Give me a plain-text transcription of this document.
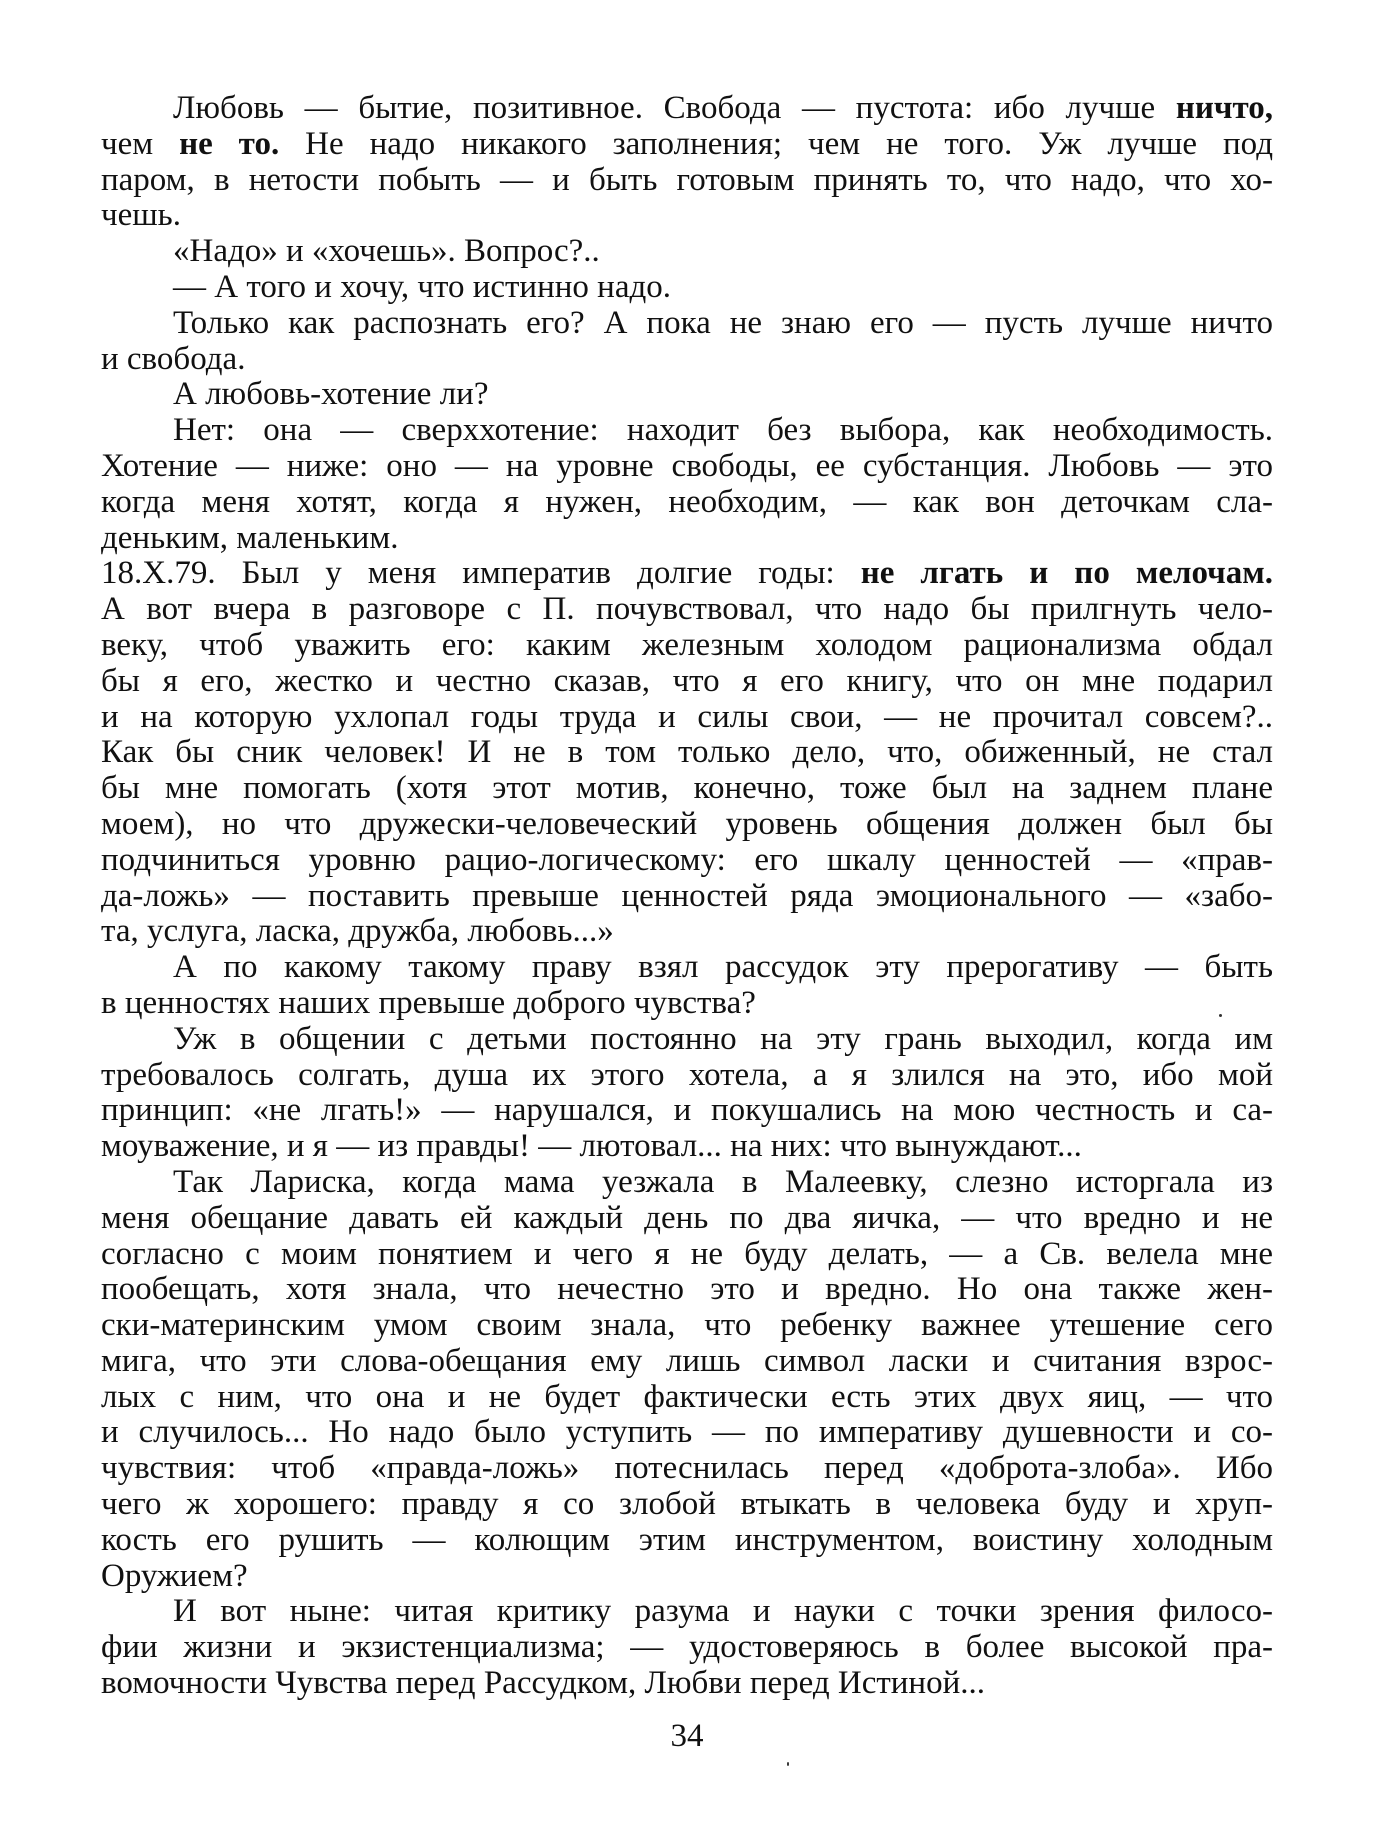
Любовь — бытие, позитивное. Свобода — пустота: ибо лучше ничто,
чем не то. Не надо никакого заполнения; чем не того. Уж лучше под
паром, в нетости побыть — и быть готовым принять то, что надо, что хо-
чешь.
«Надо» и «хочешь». Вопрос?..
— А того и хочу, что истинно надо.
Только как распознать его? А пока не знаю его — пусть лучше ничто
и свобода.
А любовь-хотение ли?
Нет: она — сверххотение: находит без выбора, как необходимость.
Хотение — ниже: оно — на уровне свободы, ее субстанция. Любовь — это
когда меня хотят, когда я нужен, необходим, — как вон деточкам сла-
деньким, маленьким.
18.X.79. Был у меня императив долгие годы: не лгать и по мелочам.
А вот вчера в разговоре с П. почувствовал, что надо бы прилгнуть чело-
веку, чтоб уважить его: каким железным холодом рационализма обдал
бы я его, жестко и честно сказав, что я его книгу, что он мне подарил
и на которую ухлопал годы труда и силы свои, — не прочитал совсем?..
Как бы сник человек! И не в том только дело, что, обиженный, не стал
бы мне помогать (хотя этот мотив, конечно, тоже был на заднем плане
моем), но что дружески-человеческий уровень общения должен был бы
подчиниться уровню рацио-логическому: его шкалу ценностей — «прав-
да-ложь» — поставить превыше ценностей ряда эмоционального — «забо-
та, услуга, ласка, дружба, любовь...»
А по какому такому праву взял рассудок эту прерогативу — быть
в ценностях наших превыше доброго чувства?
Уж в общении с детьми постоянно на эту грань выходил, когда им
требовалось солгать, душа их этого хотела, а я злился на это, ибо мой
принцип: «не лгать!» — нарушался, и покушались на мою честность и са-
моуважение, и я — из правды! — лютовал... на них: что вынуждают...
Так Лариска, когда мама уезжала в Малеевку, слезно исторгала из
меня обещание давать ей каждый день по два яичка, — что вредно и не
согласно с моим понятием и чего я не буду делать, — а Св. велела мне
пообещать, хотя знала, что нечестно это и вредно. Но она также жен-
ски-материнским умом своим знала, что ребенку важнее утешение сего
мига, что эти слова-обещания ему лишь символ ласки и считания взрос-
лых с ним, что она и не будет фактически есть этих двух яиц, — что
и случилось... Но надо было уступить — по императиву душевности и со-
чувствия: чтоб «правда-ложь» потеснилась перед «доброта-злоба». Ибо
чего ж хорошего: правду я со злобой втыкать в человека буду и хруп-
кость его рушить — колющим этим инструментом, воистину холодным
Оружием?
И вот ныне: читая критику разума и науки с точки зрения филосо-
фии жизни и экзистенциализма; — удостоверяюсь в более высокой пра-
вомочности Чувства перед Рассудком, Любви перед Истиной...
34
